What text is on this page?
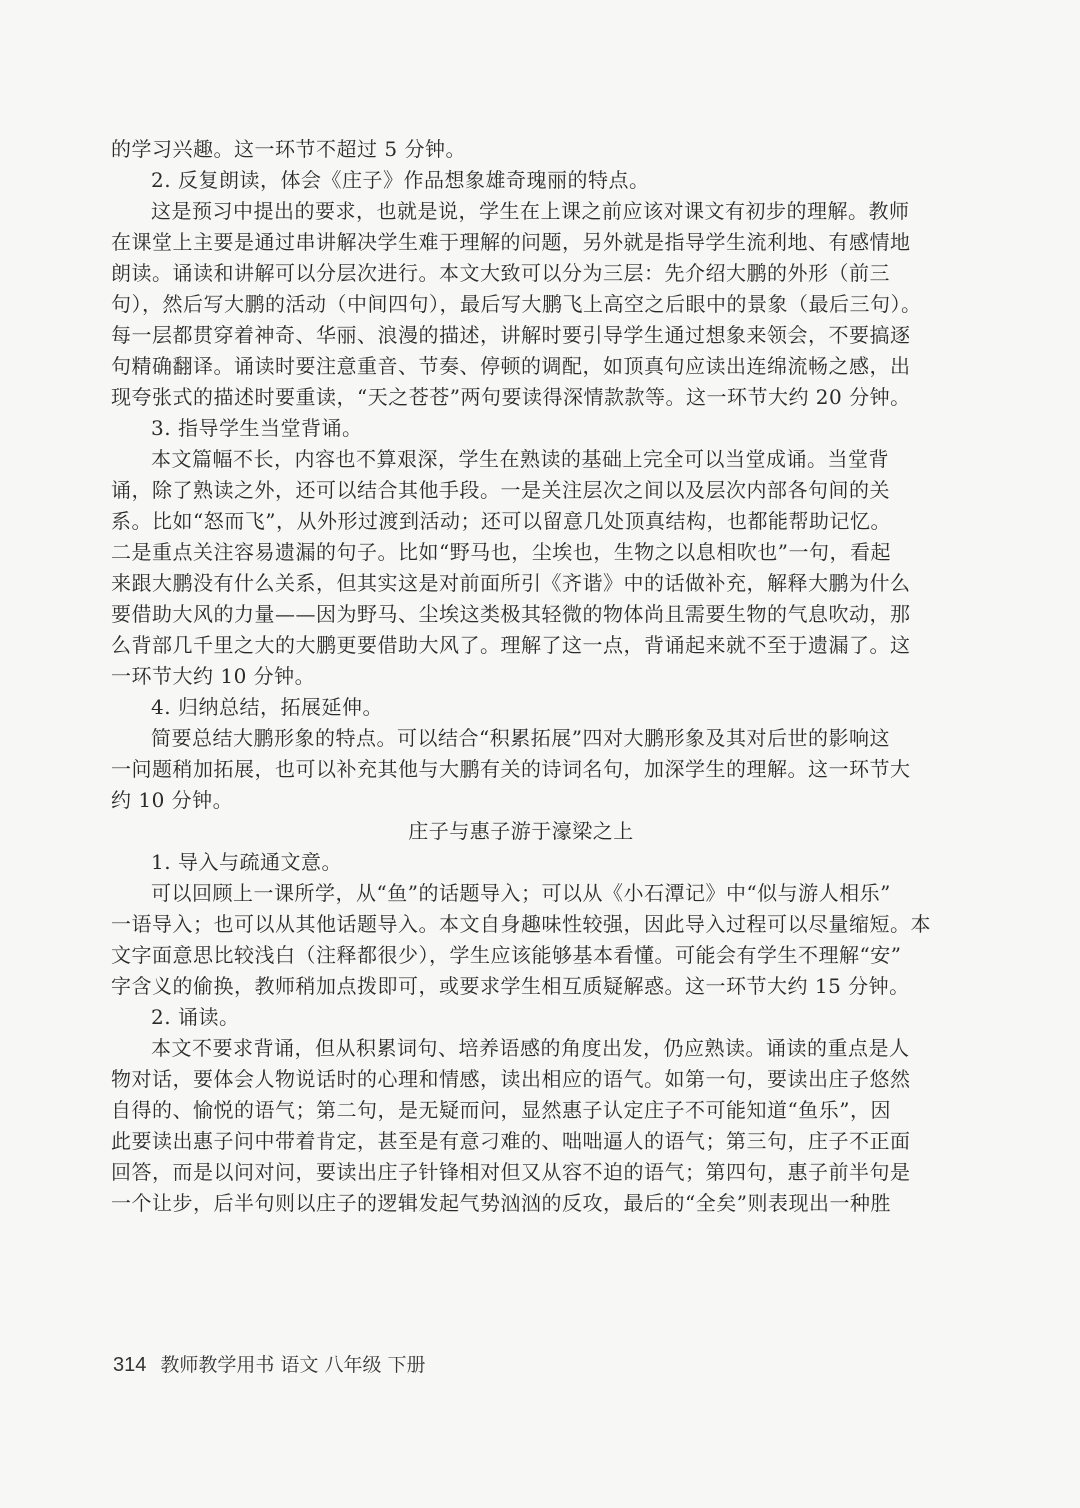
的学习兴趣。这一环节不超过 5 分钟。
2. 反复朗读，体会《庄子》作品想象雄奇瑰丽的特点。
这是预习中提出的要求，也就是说，学生在上课之前应该对课文有初步的理解。教师
在课堂上主要是通过串讲解决学生难于理解的问题，另外就是指导学生流利地、有感情地
朗读。诵读和讲解可以分层次进行。本文大致可以分为三层：先介绍大鹏的外形（前三
句），然后写大鹏的活动（中间四句），最后写大鹏飞上高空之后眼中的景象（最后三句）。
每一层都贯穿着神奇、华丽、浪漫的描述，讲解时要引导学生通过想象来领会，不要搞逐
句精确翻译。诵读时要注意重音、节奏、停顿的调配，如顶真句应读出连绵流畅之感，出
现夸张式的描述时要重读，“天之苍苍”两句要读得深情款款等。这一环节大约 20 分钟。
3. 指导学生当堂背诵。
本文篇幅不长，内容也不算艰深，学生在熟读的基础上完全可以当堂成诵。当堂背
诵，除了熟读之外，还可以结合其他手段。一是关注层次之间以及层次内部各句间的关
系。比如“怒而飞”，从外形过渡到活动；还可以留意几处顶真结构，也都能帮助记忆。
二是重点关注容易遗漏的句子。比如“野马也，尘埃也，生物之以息相吹也”一句，看起
来跟大鹏没有什么关系，但其实这是对前面所引《齐谐》中的话做补充，解释大鹏为什么
要借助大风的力量——因为野马、尘埃这类极其轻微的物体尚且需要生物的气息吹动，那
么背部几千里之大的大鹏更要借助大风了。理解了这一点，背诵起来就不至于遗漏了。这
一环节大约 10 分钟。
4. 归纳总结，拓展延伸。
简要总结大鹏形象的特点。可以结合“积累拓展”四对大鹏形象及其对后世的影响这
一问题稍加拓展，也可以补充其他与大鹏有关的诗词名句，加深学生的理解。这一环节大
约 10 分钟。
庄子与惠子游于濠梁之上
1. 导入与疏通文意。
可以回顾上一课所学，从“鱼”的话题导入；可以从《小石潭记》中“似与游人相乐”
一语导入；也可以从其他话题导入。本文自身趣味性较强，因此导入过程可以尽量缩短。本
文字面意思比较浅白（注释都很少），学生应该能够基本看懂。可能会有学生不理解“安”
字含义的偷换，教师稍加点拨即可，或要求学生相互质疑解惑。这一环节大约 15 分钟。
2. 诵读。
本文不要求背诵，但从积累词句、培养语感的角度出发，仍应熟读。诵读的重点是人
物对话，要体会人物说话时的心理和情感，读出相应的语气。如第一句，要读出庄子悠然
自得的、愉悦的语气；第二句，是无疑而问，显然惠子认定庄子不可能知道“鱼乐”，因
此要读出惠子问中带着肯定，甚至是有意刁难的、咄咄逼人的语气；第三句，庄子不正面
回答，而是以问对问，要读出庄子针锋相对但又从容不迫的语气；第四句，惠子前半句是
一个让步，后半句则以庄子的逻辑发起气势汹汹的反攻，最后的“全矣”则表现出一种胜
314 教师教学用书 语文 八年级 下册
